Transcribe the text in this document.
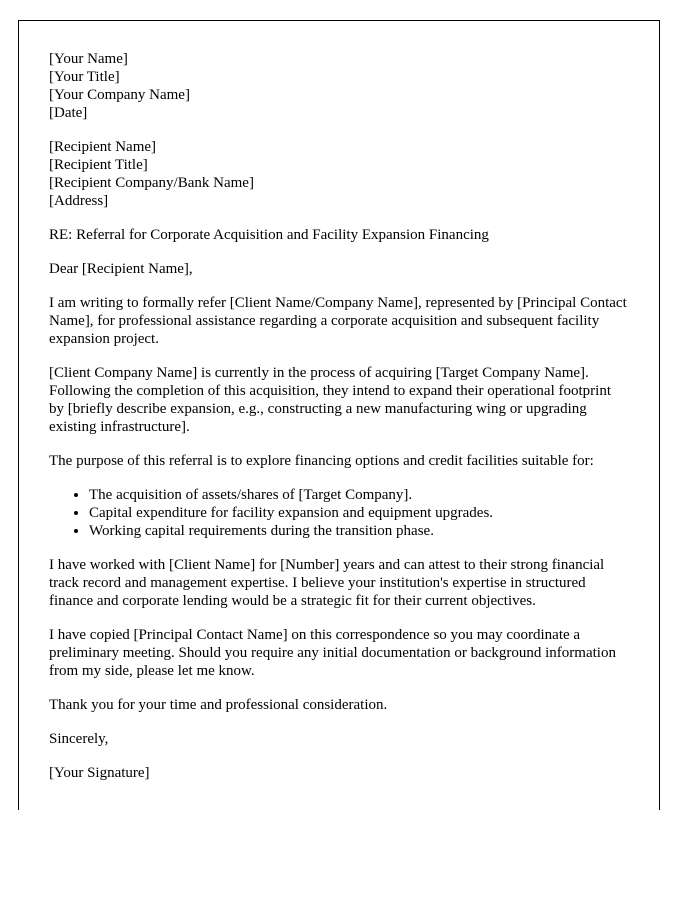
[Your Name]
[Your Title]
[Your Company Name]
[Date]
[Recipient Name]
[Recipient Title]
[Recipient Company/Bank Name]
[Address]

RE: Referral for Corporate Acquisition and Facility Expansion Financing

Dear [Recipient Name],

I am writing to formally refer [Client Name/Company Name], represented by [Principal Contact Name], for professional assistance regarding a corporate acquisition and subsequent facility expansion project.

[Client Company Name] is currently in the process of acquiring [Target Company Name]. Following the completion of this acquisition, they intend to expand their operational footprint by [briefly describe expansion, e.g., constructing a new manufacturing wing or upgrading existing infrastructure].

The purpose of this referral is to explore financing options and credit facilities suitable for:

• The acquisition of assets/shares of [Target Company].
• Capital expenditure for facility expansion and equipment upgrades.
• Working capital requirements during the transition phase.

I have worked with [Client Name] for [Number] years and can attest to their strong financial track record and management expertise. I believe your institution's expertise in structured finance and corporate lending would be a strategic fit for their current objectives.

I have copied [Principal Contact Name] on this correspondence so you may coordinate a preliminary meeting. Should you require any initial documentation or background information from my side, please let me know.

Thank you for your time and professional consideration.

Sincerely,

[Your Signature]
